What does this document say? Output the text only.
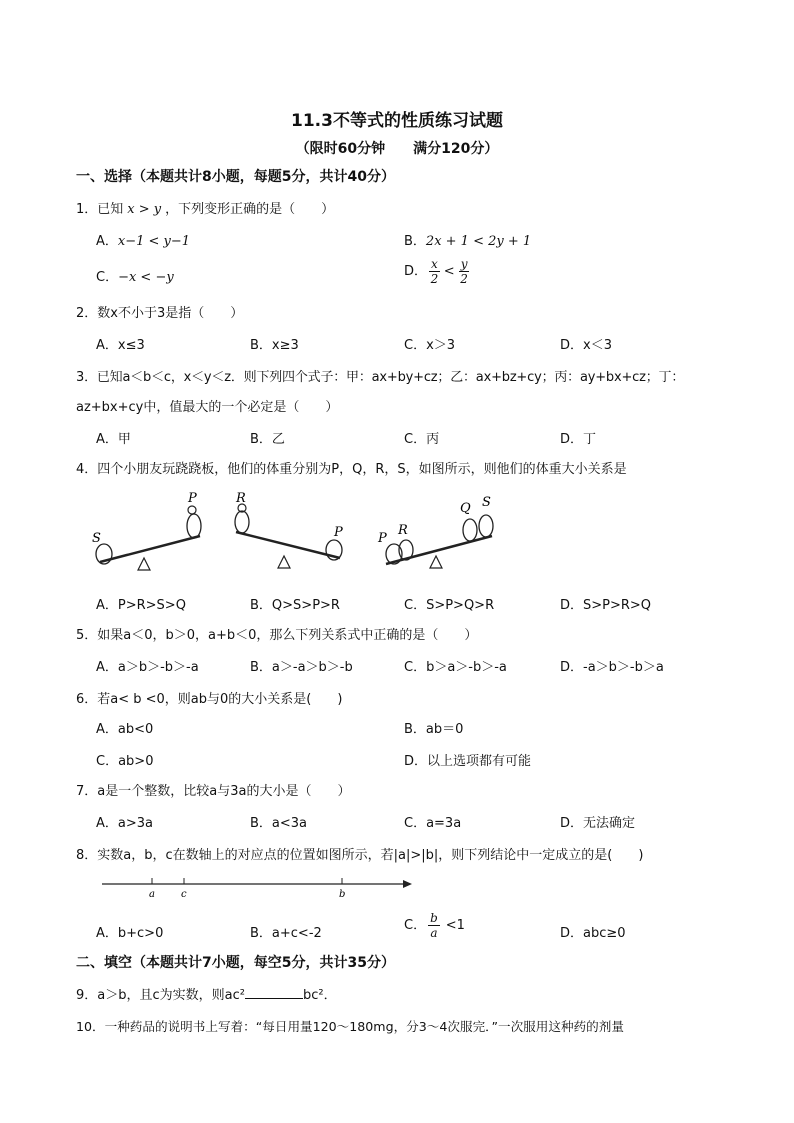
11.3不等式的性质练习试题
（限时60分钟　　满分120分）
一、选择（本题共计8小题，每题5分，共计40分）
1．已知 x > y ，下列变形正确的是（　　）
A．x−1 < y−1	B．2x + 1 < 2y + 1
C．−x < −y	D． $\frac{x}{2} < \frac{y}{2}$
2．数x不小于3是指（　　）
A．x≤3	B．x≥3	C．x＞3	D．x＜3
3．已知a＜b＜c，x＜y＜z．则下列四个式子：甲：ax+by+cz；乙：ax+bz+cy；丙：ay+bx+cz；丁：
az+bx+cy中，值最大的一个必定是（　　）
A．甲	B．乙	C．丙	D．丁
4．四个小朋友玩跷跷板，他们的体重分别为P，Q，R，S，如图所示，则他们的体重大小关系是
S
P	R
P	P
R
Q S
A．P>R>S>Q	B．Q>S>P>R	C．S>P>Q>R	D．S>P>R>Q
5．如果a＜0，b＞0，a+b＜0，那么下列关系式中正确的是（　　）
A．a＞b＞-b＞-a	B．a＞-a＞b＞-b	C．b＞a＞-b＞-a	D．-a＞b＞-b＞a
6．若a< b <0，则ab与0的大小关系是(　　)
A．ab<0	B．ab＝0
C．ab>0	D．以上选项都有可能
7．a是一个整数，比较a与3a的大小是（　　）
A．a>3a	B．a<3a	C．a=3a	D．无法确定
8．实数a，b，c在数轴上的对应点的位置如图所示，若|a|>|b|，则下列结论中一定成立的是(　　)
a	c	b
A．b+c>0	B．a+c<-2
C． $\frac{b}{a} <1$
D．abc≥0
二、填空（本题共计7小题，每空5分，共计35分）
9．a＞b，且c为实数，则ac²	bc²．
10．一种药品的说明书上写着：“每日用量120～180mg，分3～4次服完．”一次服用这种药的剂量
